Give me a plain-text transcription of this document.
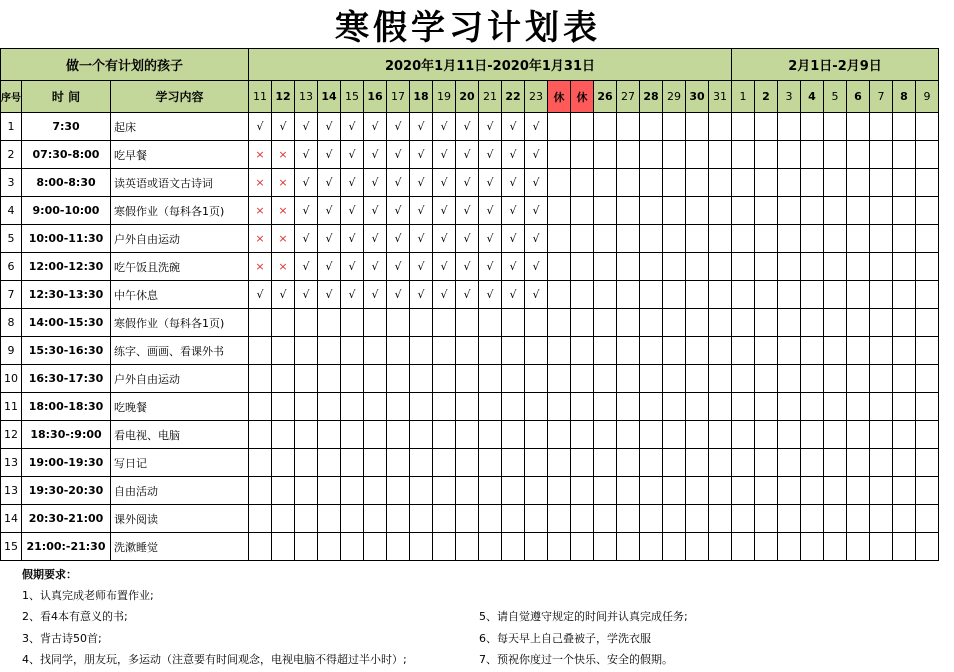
寒假学习计划表
做一个有计划的孩子			2020年1月11日-2020年1月31日																					2月1日-2月9日								
序号	时 间	学习内容	11	12	13	14	15	16	17	18	19	20	21	22	23	休	休	26	27	28	29	30	31	1	2	3	4	5	6	7	8	9
1	7:30	起床	√	√	√	√	√	√	√	√	√	√	√	√	√																	
2	07:30-8:00	吃早餐	×	×	√	√	√	√	√	√	√	√	√	√	√																	
3	8:00-8:30	读英语或语文古诗词	×	×	√	√	√	√	√	√	√	√	√	√	√																	
4	9:00-10:00	寒假作业（每科各1页)	×	×	√	√	√	√	√	√	√	√	√	√	√																	
5	10:00-11:30	户外自由运动	×	×	√	√	√	√	√	√	√	√	√	√	√																	
6	12:00-12:30	吃午饭且洗碗	×	×	√	√	√	√	√	√	√	√	√	√	√																	
7	12:30-13:30	中午休息	√	√	√	√	√	√	√	√	√	√	√	√	√																	
8	14:00-15:30	寒假作业（每科各1页)																														
9	15:30-16:30	练字、画画、看课外书																														
10	16:30-17:30	户外自由运动																														
11	18:00-18:30	吃晚餐																														
12	18:30-:9:00	看电视、电脑																														
13	19:00-19:30	写日记																														
13	19:30-20:30	自由活动																														
14	20:30-21:00	课外阅读																														
15	21:00:-21:30	洗漱睡觉																														
假期要求：
1、认真完成老师布置作业;
2、看4本有意义的书;
3、背古诗50首;
4、找同学，朋友玩，多运动（注意要有时间观念，电视电脑不得超过半小时）;
5、请自觉遵守规定的时间并认真完成任务;
6、每天早上自己叠被子，学洗衣服
7、预祝你度过一个快乐、安全的假期。
